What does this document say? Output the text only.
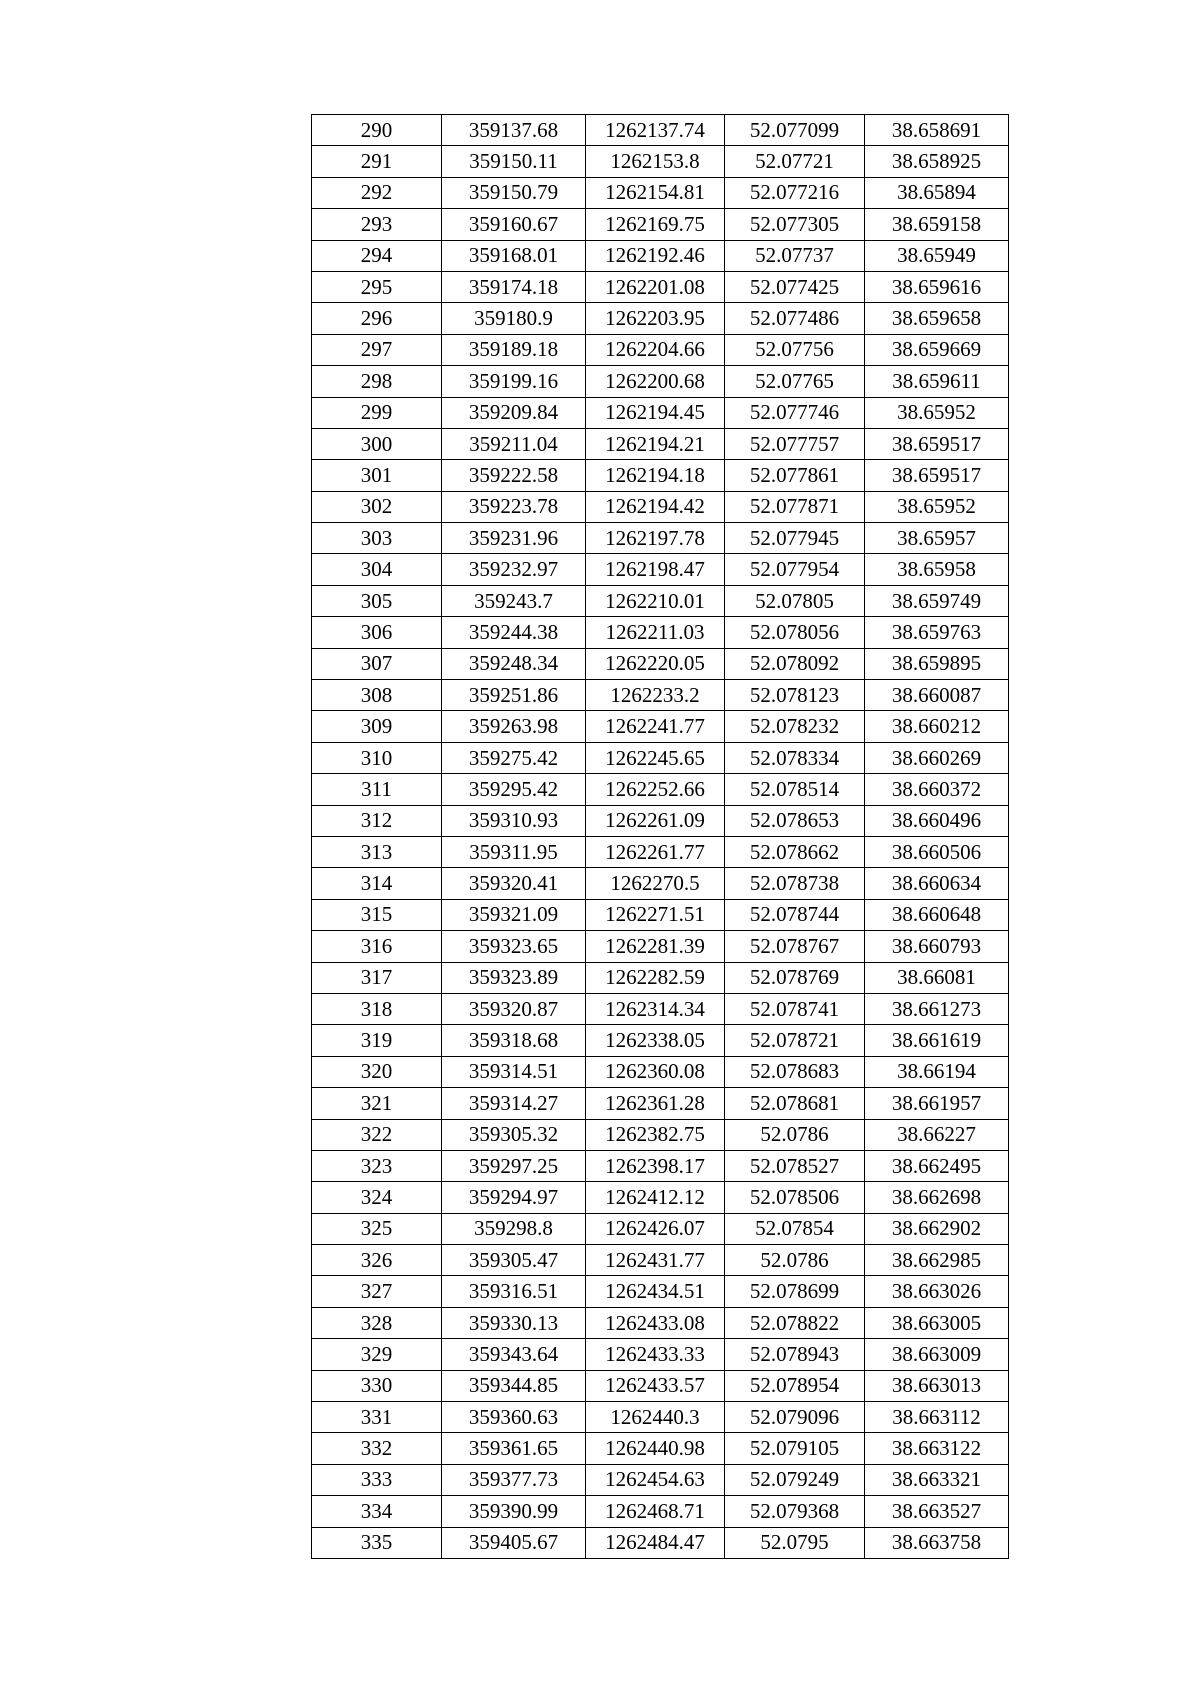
290	359137.68	1262137.74	52.077099	38.658691
291	359150.11	1262153.8	52.07721	38.658925
292	359150.79	1262154.81	52.077216	38.65894
293	359160.67	1262169.75	52.077305	38.659158
294	359168.01	1262192.46	52.07737	38.65949
295	359174.18	1262201.08	52.077425	38.659616
296	359180.9	1262203.95	52.077486	38.659658
297	359189.18	1262204.66	52.07756	38.659669
298	359199.16	1262200.68	52.07765	38.659611
299	359209.84	1262194.45	52.077746	38.65952
300	359211.04	1262194.21	52.077757	38.659517
301	359222.58	1262194.18	52.077861	38.659517
302	359223.78	1262194.42	52.077871	38.65952
303	359231.96	1262197.78	52.077945	38.65957
304	359232.97	1262198.47	52.077954	38.65958
305	359243.7	1262210.01	52.07805	38.659749
306	359244.38	1262211.03	52.078056	38.659763
307	359248.34	1262220.05	52.078092	38.659895
308	359251.86	1262233.2	52.078123	38.660087
309	359263.98	1262241.77	52.078232	38.660212
310	359275.42	1262245.65	52.078334	38.660269
311	359295.42	1262252.66	52.078514	38.660372
312	359310.93	1262261.09	52.078653	38.660496
313	359311.95	1262261.77	52.078662	38.660506
314	359320.41	1262270.5	52.078738	38.660634
315	359321.09	1262271.51	52.078744	38.660648
316	359323.65	1262281.39	52.078767	38.660793
317	359323.89	1262282.59	52.078769	38.66081
318	359320.87	1262314.34	52.078741	38.661273
319	359318.68	1262338.05	52.078721	38.661619
320	359314.51	1262360.08	52.078683	38.66194
321	359314.27	1262361.28	52.078681	38.661957
322	359305.32	1262382.75	52.0786	38.66227
323	359297.25	1262398.17	52.078527	38.662495
324	359294.97	1262412.12	52.078506	38.662698
325	359298.8	1262426.07	52.07854	38.662902
326	359305.47	1262431.77	52.0786	38.662985
327	359316.51	1262434.51	52.078699	38.663026
328	359330.13	1262433.08	52.078822	38.663005
329	359343.64	1262433.33	52.078943	38.663009
330	359344.85	1262433.57	52.078954	38.663013
331	359360.63	1262440.3	52.079096	38.663112
332	359361.65	1262440.98	52.079105	38.663122
333	359377.73	1262454.63	52.079249	38.663321
334	359390.99	1262468.71	52.079368	38.663527
335	359405.67	1262484.47	52.0795	38.663758
